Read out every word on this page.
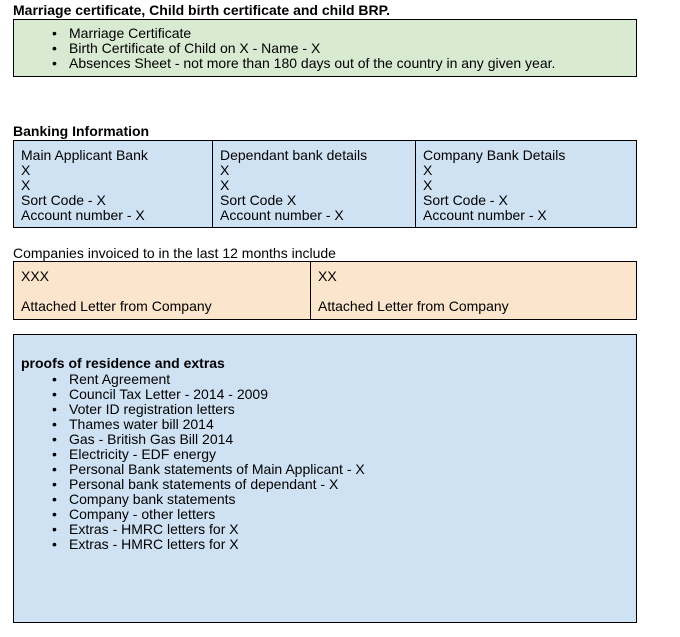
Marriage certificate, Child birth certificate and child BRP.
• Marriage Certificate
• Birth Certificate of Child on X - Name - X
• Absences Sheet - not more than 180 days out of the country in any given year.
Banking Information
Main Applicant Bank
X
X
Sort Code - X
Account number - X
Dependant bank details
X
X
Sort Code X
Account number - X
Company Bank Details
X
X
Sort Code - X
Account number - X
Companies invoiced to in the last 12 months include
XXX
Attached Letter from Company
XX
Attached Letter from Company
proofs of residence and extras
• Rent Agreement
• Council Tax Letter - 2014 - 2009
• Voter ID registration letters
• Thames water bill 2014
• Gas - British Gas Bill 2014
• Electricity - EDF energy
• Personal Bank statements of Main Applicant - X
• Personal bank statements of dependant - X
• Company bank statements
• Company - other letters
• Extras - HMRC letters for X
• Extras - HMRC letters for X
